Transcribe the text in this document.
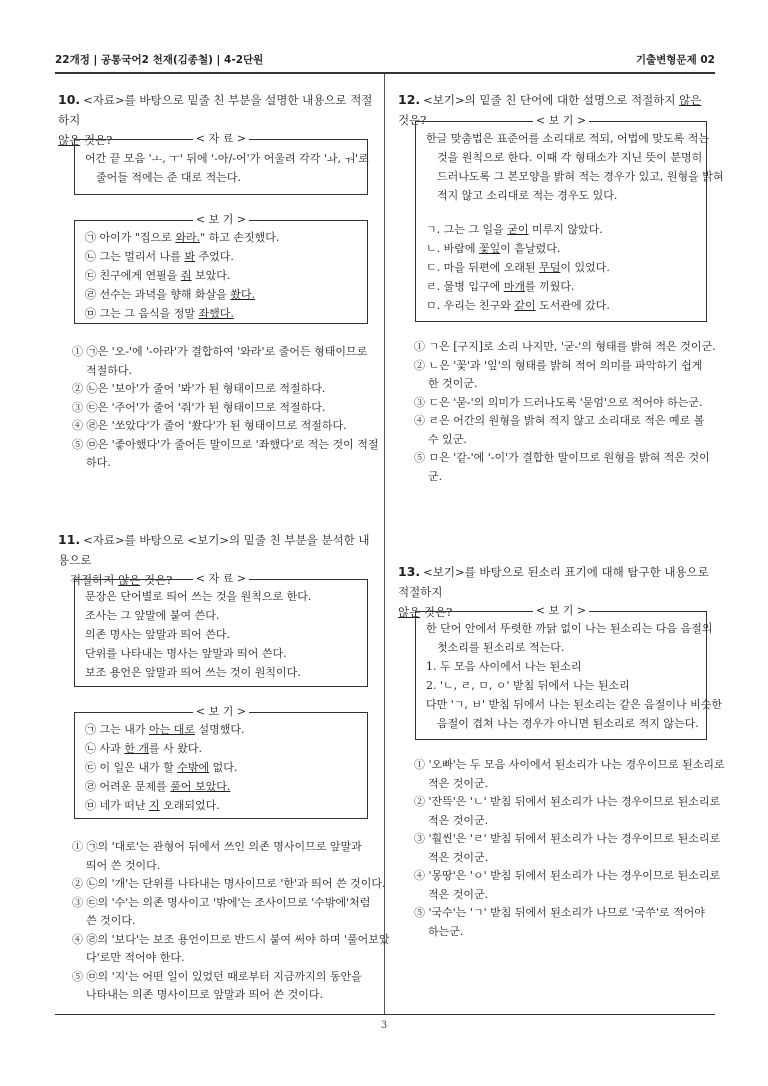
22개정 | 공통국어2 천재(김종철) | 4-2단원	기출변형문제 02
3
10. <자료>를 바탕으로 밑줄 친 부분을 설명한 내용으로 적절하지
않은 것은?	< 자 료 >
어간 끝 모음 'ㅗ, ㅜ' 뒤에 '-아/-어'가 어울려 각각 'ㅘ, ㅝ'로
줄어들 적에는 준 대로 적는다.
< 보 기 >
㉠ 아이가 "집으로 와라." 하고 손짓했다.
㉡ 그는 멀리서 나를 봐 주었다.
㉢ 친구에게 연필을 줘 보았다.
㉣ 선수는 과녁을 향해 화살을 쐈다.
㉤ 그는 그 음식을 정말 좌했다.
① ㉠은 '오-'에 '-아라'가 결합하여 '와라'로 줄어든 형태이므로
적절하다.
② ㉡은 '보아'가 줄어 '봐'가 된 형태이므로 적절하다.
③ ㉢은 '주어'가 줄어 '줘'가 된 형태이므로 적절하다.
④ ㉣은 '쏘았다'가 줄어 '쐈다'가 된 형태이므로 적절하다.
⑤ ㉤은 '좋아했다'가 줄어든 말이므로 '좌했다'로 적는 것이 적절
하다.
11. <자료>를 바탕으로 <보기>의 밑줄 친 부분을 분석한 내용으로
적절하지 않은 것은?	< 자 료 >
문장은 단어별로 띄어 쓰는 것을 원칙으로 한다.
조사는 그 앞말에 붙여 쓴다.
의존 명사는 앞말과 띄어 쓴다.
단위를 나타내는 명사는 앞말과 띄어 쓴다.
보조 용언은 앞말과 띄어 쓰는 것이 원칙이다.
< 보 기 >
㉠ 그는 내가 아는 대로 설명했다.
㉡ 사과 한 개를 사 왔다.
㉢ 이 일은 내가 할 수밖에 없다.
㉣ 어려운 문제를 풀어 보았다.
㉤ 네가 떠난 지 오래되었다.
① ㉠의 '대로'는 관형어 뒤에서 쓰인 의존 명사이므로 앞말과
띄어 쓴 것이다.
② ㉡의 '개'는 단위를 나타내는 명사이므로 '한'과 띄어 쓴 것이다.
③ ㉢의 '수'는 의존 명사이고 '밖에'는 조사이므로 '수밖에'처럼
쓴 것이다.
④ ㉣의 '보다'는 보조 용언이므로 반드시 붙여 써야 하며 '풀어보았
다'로만 적어야 한다.
⑤ ㉤의 '지'는 어떤 일이 있었던 때로부터 지금까지의 동안을
나타내는 의존 명사이므로 앞말과 띄어 쓴 것이다.
12. <보기>의 밑줄 친 단어에 대한 설명으로 적절하지 않은 것은?	< 보 기 >
한글 맞춤법은 표준어를 소리대로 적되, 어법에 맞도록 적는
것을 원칙으로 한다. 이때 각 형태소가 지닌 뜻이 분명히
드러나도록 그 본모양을 밝혀 적는 경우가 있고, 원형을 밝혀
적지 않고 소리대로 적는 경우도 있다.
ㄱ. 그는 그 일을 굳이 미루지 않았다.
ㄴ. 바람에 꽃잎이 흩날렸다.
ㄷ. 마을 뒤편에 오래된 무덤이 있었다.
ㄹ. 물병 입구에 마개를 끼웠다.
ㅁ. 우리는 친구와 같이 도서관에 갔다.
① ㄱ은 [구지]로 소리 나지만, '굳-'의 형태를 밝혀 적은 것이군.
② ㄴ은 '꽃'과 '잎'의 형태를 밝혀 적어 의미를 파악하기 쉽게
한 것이군.
③ ㄷ은 '묻-'의 의미가 드러나도록 '묻엄'으로 적어야 하는군.
④ ㄹ은 어간의 원형을 밝혀 적지 않고 소리대로 적은 예로 볼
수 있군.
⑤ ㅁ은 '같-'에 '-이'가 결합한 말이므로 원형을 밝혀 적은 것이
군.
13. <보기>를 바탕으로 된소리 표기에 대해 탐구한 내용으로 적절하지
않은 것은?	< 보 기 >
한 단어 안에서 뚜렷한 까닭 없이 나는 된소리는 다음 음절의
첫소리를 된소리로 적는다.
1. 두 모음 사이에서 나는 된소리
2. 'ㄴ, ㄹ, ㅁ, ㅇ' 받침 뒤에서 나는 된소리
다만 'ㄱ, ㅂ' 받침 뒤에서 나는 된소리는 같은 음절이나 비슷한
음절이 겹쳐 나는 경우가 아니면 된소리로 적지 않는다.
① '오빠'는 두 모음 사이에서 된소리가 나는 경우이므로 된소리로
적은 것이군.
② '잔뜩'은 'ㄴ' 받침 뒤에서 된소리가 나는 경우이므로 된소리로
적은 것이군.
③ '훨씬'은 'ㄹ' 받침 뒤에서 된소리가 나는 경우이므로 된소리로
적은 것이군.
④ '몽땅'은 'ㅇ' 받침 뒤에서 된소리가 나는 경우이므로 된소리로
적은 것이군.
⑤ '국수'는 'ㄱ' 받침 뒤에서 된소리가 나므로 '국쑤'로 적어야
하는군.
